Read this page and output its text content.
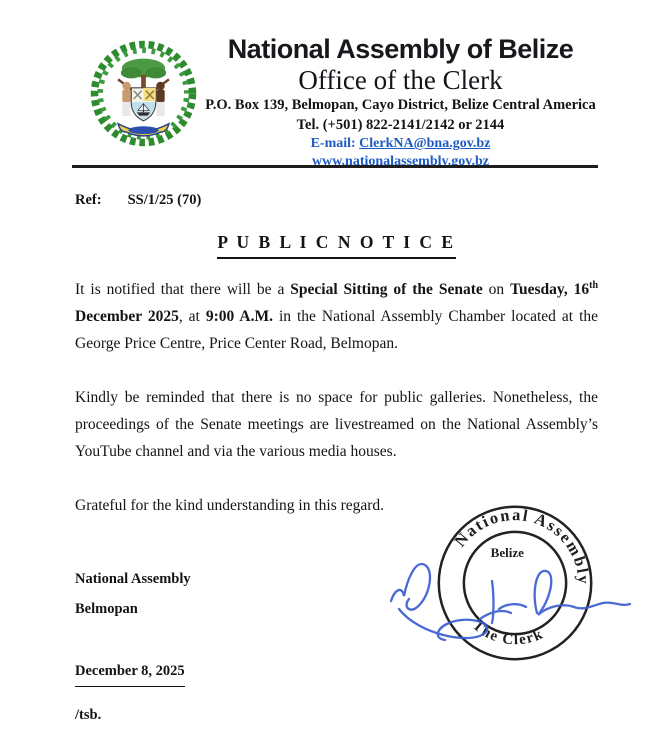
National Assembly of Belize
Office of the Clerk
P.O. Box 139, Belmopan, Cayo District, Belize Central America
Tel. (+501) 822-2141/2142 or 2144
E-mail: ClerkNA@bna.gov.bz
www.nationalassembly.gov.bz
Ref: SS/1/25 (70)
P U B L I C N O T I C E

It is notified that there will be a Special Sitting of the Senate on Tuesday, 16th December 2025, at 9:00 A.M. in the National Assembly Chamber located at the George Price Centre, Price Center Road, Belmopan.

Kindly be reminded that there is no space for public galleries. Nonetheless, the proceedings of the Senate meetings are livestreamed on the National Assembly’s YouTube channel and via the various media houses.

Grateful for the kind understanding in this regard.

National Assembly
Belmopan
December 8, 2025
/tsb.
National Assembly
The Clerk
Belize
